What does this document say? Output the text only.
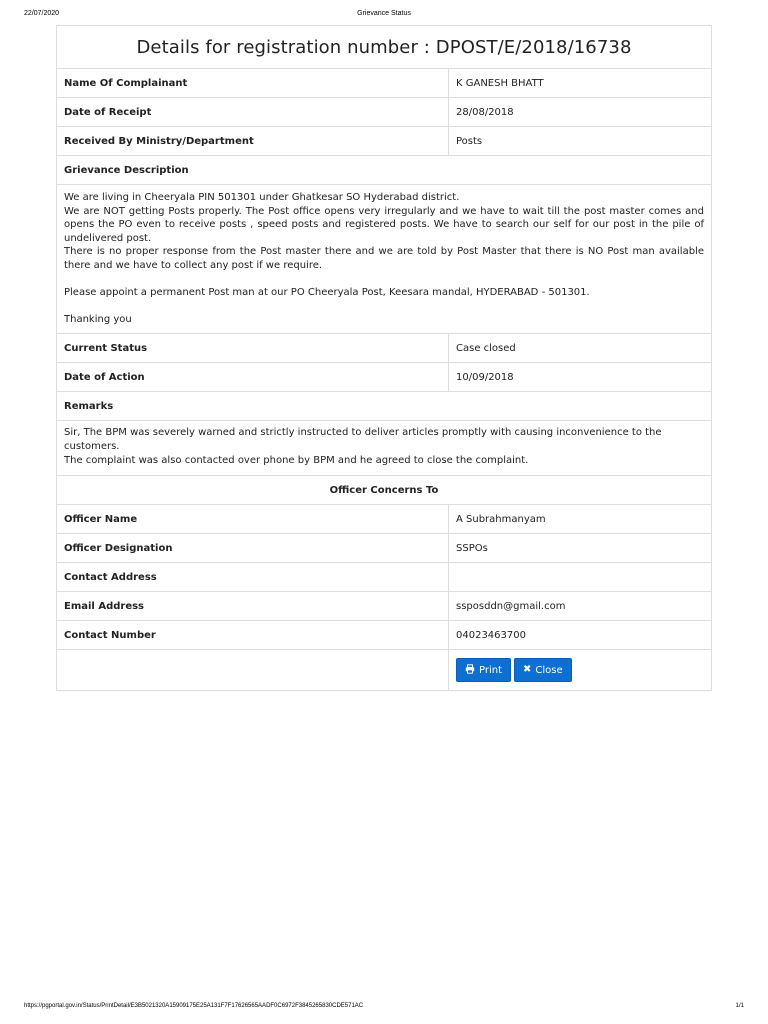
22/07/2020	Grievance Status
Details for registration number : DPOST/E/2018/16738
Name Of Complainant	K GANESH BHATT
Date of Receipt	28/08/2018
Received By Ministry/Department	Posts
Grievance Description

We are living in Cheeryala PIN 501301 under Ghatkesar SO Hyderabad district.

We are NOT getting Posts properly. The Post office opens very irregularly and we have to wait till the post master comes and opens the PO even to receive posts , speed posts and registered posts. We have to search our self for our post in the pile of undelivered post.

There is no proper response from the Post master there and we are told by Post Master that there is NO Post man available there and we have to collect any post if we require.

Please appoint a permanent Post man at our PO Cheeryala Post, Keesara mandal, HYDERABAD - 501301.

Thanking you

Current Status	Case closed
Date of Action	10/09/2018
Remarks

Sir, The BPM was severely warned and strictly instructed to deliver articles promptly with causing inconvenience to the customers.

The complaint was also contacted over phone by BPM and he agreed to close the complaint.

Officer Concerns To
Officer Name	A Subrahmanyam
Officer Designation	SSPOs
Contact Address
Email Address	ssposddn@gmail.com
Contact Number	04023463700
Print ✖ Close
https://pgportal.gov.in/Status/PrintDetail/E3B5021320A15909175E25A131F7F17626565AADF0C6972F3845265830CDE571AC	1/1
